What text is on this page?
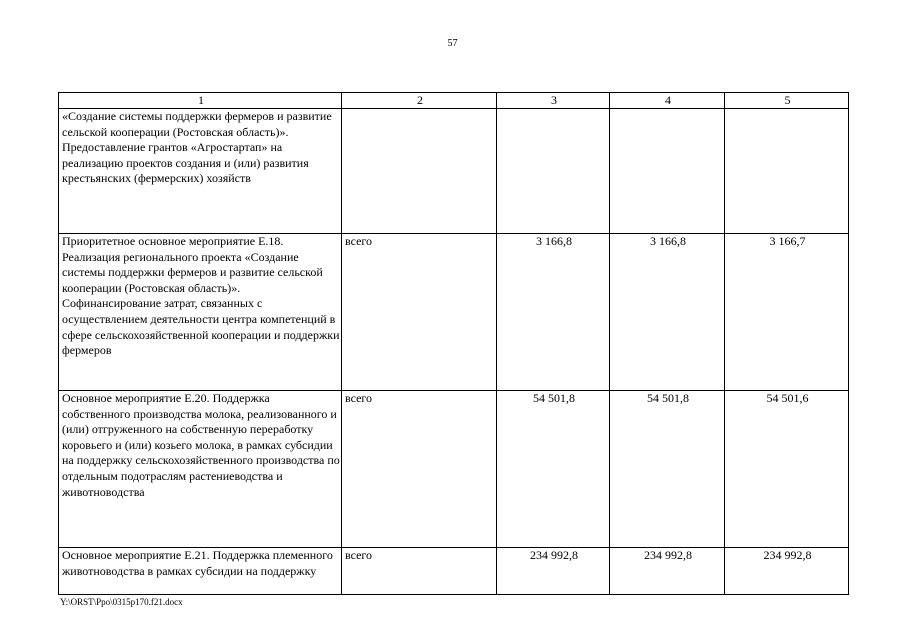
57
1	2	3	4	5
«Создание системы поддержки фермеров и развитие сельской кооперации (Ростовская область)». Предоставление грантов «Агростартап» на реализацию проектов создания и (или) развития крестьянских (фермерских) хозяйств				
Приоритетное основное мероприятие Е.18. Реализация регионального проекта «Создание системы поддержки фермеров и развитие сельской кооперации (Ростовская область)». Софинансирование затрат, связанных с осуществлением деятельности центра компетенций в сфере сельскохозяйственной кооперации и поддержки фермеров	всего	3 166,8	3 166,8	3 166,7
Основное мероприятие Е.20. Поддержка собственного производства молока, реализованного и (или) отгруженного на собственную переработку коровьего и (или) козьего молока, в рамках субсидии на поддержку сельскохозяйственного производства по отдельным подотраслям растениеводства и животноводства	всего	54 501,8	54 501,8	54 501,6
Основное мероприятие Е.21. Поддержка племенного животноводства в рамках субсидии на поддержку	всего	234 992,8	234 992,8	234 992,8
Y:\ORST\Ppo\0315p170.f21.docx
